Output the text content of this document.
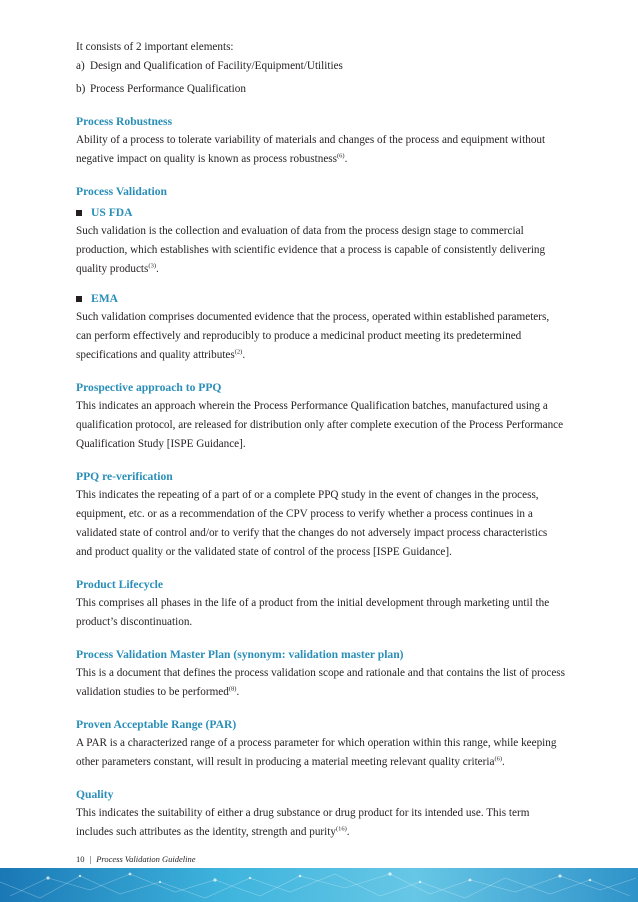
It consists of 2 important elements:

a) Design and Qualification of Facility/Equipment/Utilities
b) Process Performance Qualification

Process Robustness

Ability of a process to tolerate variability of materials and changes of the process and equipment without negative impact on quality is known as process robustness$^{(6)}$.

Process Validation

US FDA

Such validation is the collection and evaluation of data from the process design stage to commercial production, which establishes with scientific evidence that a process is capable of consistently delivering quality products$^{(3)}$.

EMA

Such validation comprises documented evidence that the process, operated within established parameters, can perform effectively and reproducibly to produce a medicinal product meeting its predetermined specifications and quality attributes$^{(2)}$.

Prospective approach to PPQ

This indicates an approach wherein the Process Performance Qualification batches, manufactured using a qualification protocol, are released for distribution only after complete execution of the Process Performance Qualification Study [ISPE Guidance].

PPQ re-verification

This indicates the repeating of a part of or a complete PPQ study in the event of changes in the process, equipment, etc. or as a recommendation of the CPV process to verify whether a process continues in a validated state of control and/or to verify that the changes do not adversely impact process characteristics and product quality or the validated state of control of the process [ISPE Guidance].

Product Lifecycle

This comprises all phases in the life of a product from the initial development through marketing until the product’s discontinuation.

Process Validation Master Plan (synonym: validation master plan)

This is a document that defines the process validation scope and rationale and that contains the list of process validation studies to be performed$^{(8)}$.

Proven Acceptable Range (PAR)

A PAR is a characterized range of a process parameter for which operation within this range, while keeping other parameters constant, will result in producing a material meeting relevant quality criteria$^{(6)}$.

Quality

This indicates the suitability of either a drug substance or drug product for its intended use. This term includes such attributes as the identity, strength and purity$^{(16)}$.

10 | Process Validation Guideline
